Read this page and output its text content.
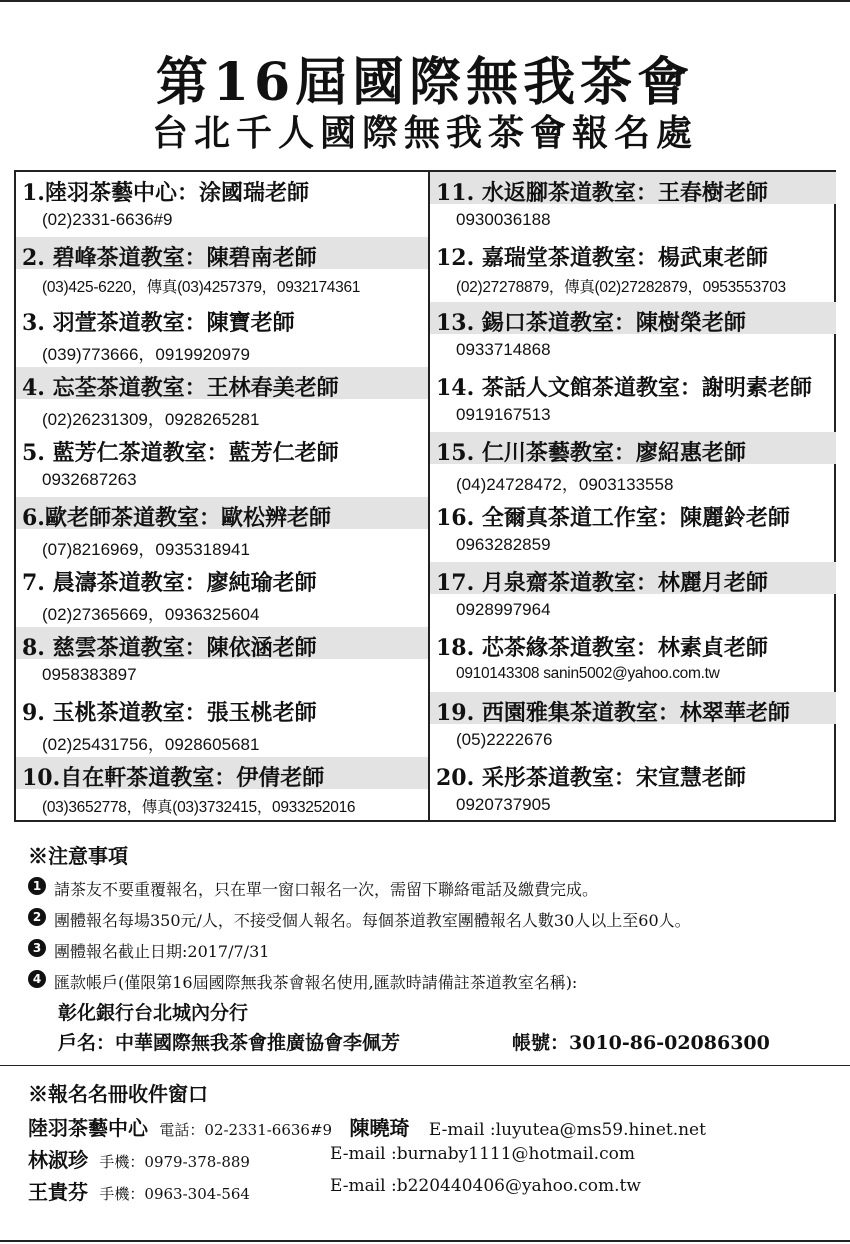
第16屆國際無我茶會
台北千人國際無我茶會報名處
1.陸羽茶藝中心：涂國瑞老師
(02)2331-6636#9
2. 碧峰茶道教室：陳碧南老師
(03)425-6220，傳真(03)4257379，0932174361
3. 羽萱茶道教室：陳寶老師
(039)773666，0919920979
4. 忘荃茶道教室：王林春美老師
(02)26231309，0928265281
5. 藍芳仁茶道教室：藍芳仁老師
0932687263
6.歐老師茶道教室：歐松辨老師
(07)8216969，0935318941
7. 晨濤茶道教室：廖純瑜老師
(02)27365669，0936325604
8. 慈雲茶道教室：陳依涵老師
0958383897
9. 玉桃茶道教室：張玉桃老師
(02)25431756，0928605681
10.自在軒茶道教室：伊倩老師
(03)3652778，傳真(03)3732415，0933252016
11. 水返腳茶道教室：王春樹老師
0930036188
12. 嘉瑞堂茶道教室：楊武東老師
(02)27278879，傳真(02)27282879，0953553703
13. 錫口茶道教室：陳樹榮老師
0933714868
14. 茶話人文館茶道教室：謝明素老師
0919167513
15. 仁川茶藝教室：廖紹惠老師
(04)24728472，0903133558
16. 全爾真茶道工作室：陳麗鈴老師
0963282859
17. 月泉齋茶道教室：林麗月老師
0928997964
18. 芯茶緣茶道教室：林素貞老師
0910143308 sanin5002@yahoo.com.tw
19. 西園雅集茶道教室：林翠華老師
(05)2222676
20. 采彤茶道教室：宋宣慧老師
0920737905
※注意事項
1 請茶友不要重覆報名，只在單一窗口報名一次，需留下聯絡電話及繳費完成。
2 團體報名每場350元/人，不接受個人報名。每個茶道教室團體報名人數30人以上至60人。
3 團體報名截止日期:2017/7/31
4 匯款帳戶(僅限第16屆國際無我茶會報名使用,匯款時請備註茶道教室名稱):
彰化銀行台北城內分行
戶名：中華國際無我茶會推廣協會李佩芳	帳號：3010-86-02086300
※報名名冊收件窗口
陸羽茶藝中心 電話：02-2331-6636#9 陳曉琦 E-mail :luyutea@ms59.hinet.net
林淑珍 手機：0979-378-889	E-mail :burnaby1111@hotmail.com
王貴芬 手機：0963-304-564	E-mail :b220440406@yahoo.com.tw
